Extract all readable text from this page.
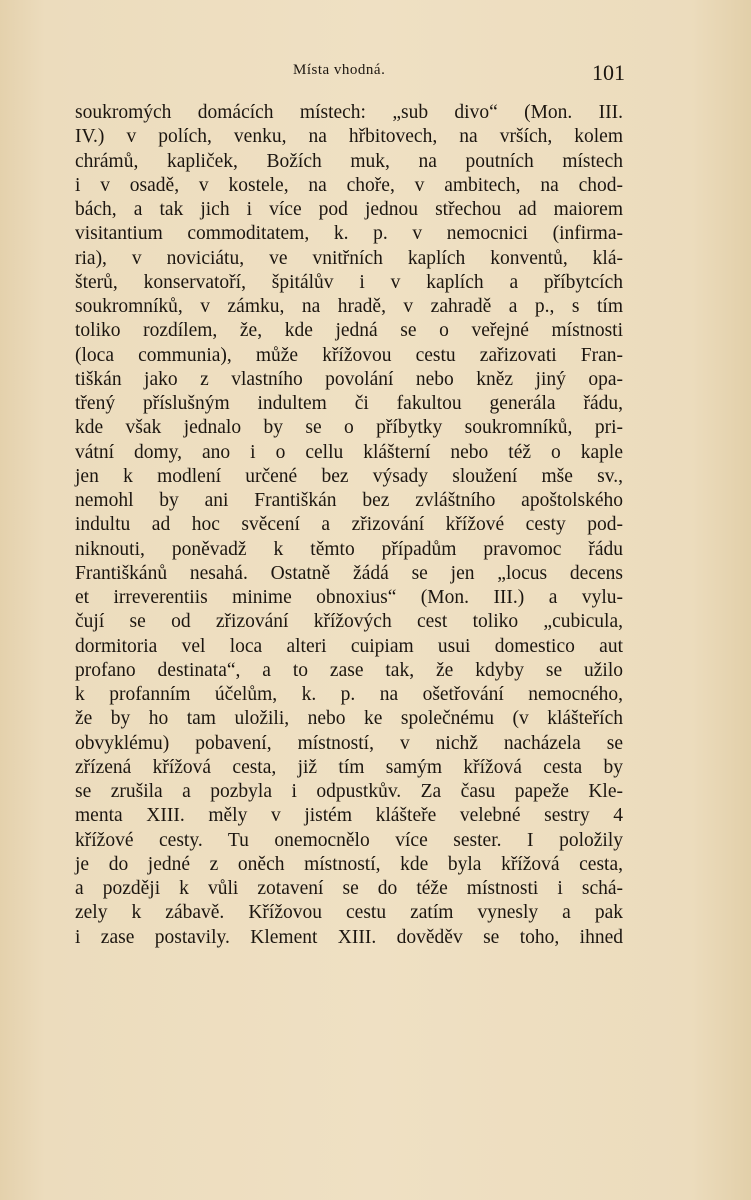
Místa vhodná.	101
soukromých domácích místech: „sub divo“ (Mon. III.
IV.) v polích, venku, na hřbitovech, na vrších, kolem
chrámů, kapliček, Božích muk, na poutních místech
i v osadě, v kostele, na choře, v ambitech, na chod-
bách, a tak jich i více pod jednou střechou ad maiorem
visitantium commoditatem, k. p. v nemocnici (infirma-
ria), v noviciátu, ve vnitřních kaplích konventů, klá-
šterů, konservatoří, špitálův i v kaplích a příbytcích
soukromníků, v zámku, na hradě, v zahradě a p., s tím
toliko rozdílem, že, kde jedná se o veřejné místnosti
(loca communia), může křížovou cestu zařizovati Fran-
tiškán jako z vlastního povolání nebo kněz jiný opa-
třený příslušným indultem či fakultou generála řádu,
kde však jednalo by se o příbytky soukromníků, pri-
vátní domy, ano i o cellu klášterní nebo též o kaple
jen k modlení určené bez výsady sloužení mše sv.,
nemohl by ani Františkán bez zvláštního apoštolského
indultu ad hoc svěcení a zřizování křížové cesty pod-
niknouti, poněvadž k těmto případům pravomoc řádu
Františkánů nesahá. Ostatně žádá se jen „locus decens
et irreverentiis minime obnoxius“ (Mon. III.) a vylu-
čují se od zřizování křížových cest toliko „cubicula,
dormitoria vel loca alteri cuipiam usui domestico aut
profano destinata“, a to zase tak, že kdyby se užilo
k profanním účelům, k. p. na ošetřování nemocného,
že by ho tam uložili, nebo ke společnému (v klášteřích
obvyklému) pobavení, místností, v nichž nacházela se
zřízená křížová cesta, již tím samým křížová cesta by
se zrušila a pozbyla i odpustkův. Za času papeže Kle-
menta XIII. měly v jistém klášteře velebné sestry 4
křížové cesty. Tu onemocnělo více sester. I položily
je do jedné z oněch místností, kde byla křížová cesta,
a později k vůli zotavení se do téže místnosti i schá-
zely k zábavě. Křížovou cestu zatím vynesly a pak
i zase postavily. Klement XIII. dověděv se toho, ihned
